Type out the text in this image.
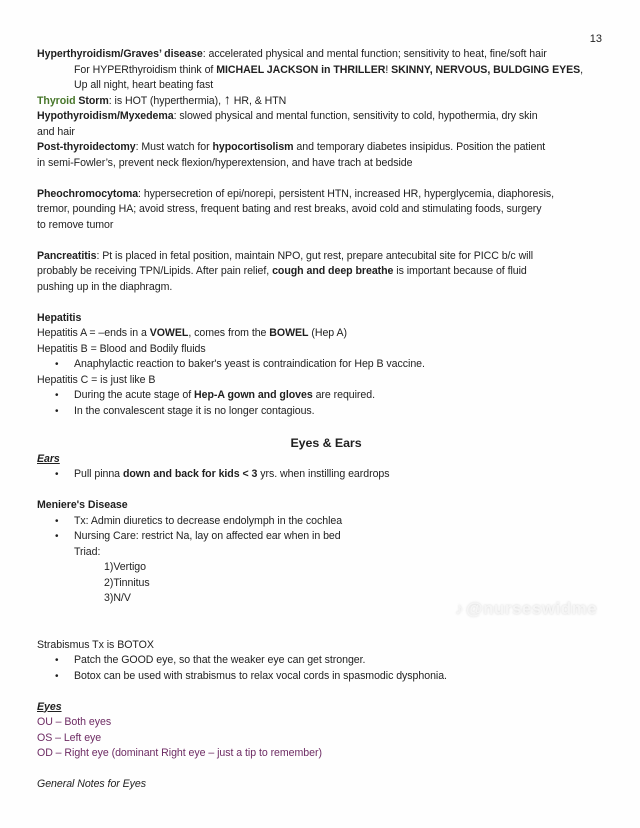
13
Hyperthyroidism/Graves’ disease: accelerated physical and mental function; sensitivity to heat, fine/soft hair
For HYPERthyroidism think of MICHAEL JACKSON in THRILLER! SKINNY, NERVOUS, BULDGING EYES,
Up all night, heart beating fast
Thyroid Storm: is HOT (hyperthermia), ↑ HR, & HTN
Hypothyroidism/Myxedema: slowed physical and mental function, sensitivity to cold, hypothermia, dry skin
and hair
Post-thyroidectomy: Must watch for hypocortisolism and temporary diabetes insipidus. Position the patient
in semi-Fowler’s, prevent neck flexion/hyperextension, and have trach at bedside
Pheochromocytoma: hypersecretion of epi/norepi, persistent HTN, increased HR, hyperglycemia, diaphoresis,
tremor, pounding HA; avoid stress, frequent bating and rest breaks, avoid cold and stimulating foods, surgery
to remove tumor
Pancreatitis: Pt is placed in fetal position, maintain NPO, gut rest, prepare antecubital site for PICC b/c will
probably be receiving TPN/Lipids. After pain relief, cough and deep breathe is important because of fluid
pushing up in the diaphragm.
Hepatitis
Hepatitis A = –ends in a VOWEL, comes from the BOWEL (Hep A)
Hepatitis B = Blood and Bodily fluids
•	Anaphylactic reaction to baker's yeast is contraindication for Hep B vaccine.
Hepatitis C = is just like B
•	During the acute stage of Hep-A gown and gloves are required.
•	In the convalescent stage it is no longer contagious.
Eyes & Ears
Ears
•	Pull pinna down and back for kids < 3 yrs. when instilling eardrops
Meniere's Disease
•	Tx: Admin diuretics to decrease endolymph in the cochlea
•	Nursing Care: restrict Na, lay on affected ear when in bed
Triad:
1)Vertigo
2)Tinnitus
3)N/V
Strabismus Tx is BOTOX
•	Patch the GOOD eye, so that the weaker eye can get stronger.
•	Botox can be used with strabismus to relax vocal cords in spasmodic dysphonia.
Eyes
OU – Both eyes
OS – Left eye
OD – Right eye (dominant Right eye – just a tip to remember)
General Notes for Eyes
♪ @nurseswidme
